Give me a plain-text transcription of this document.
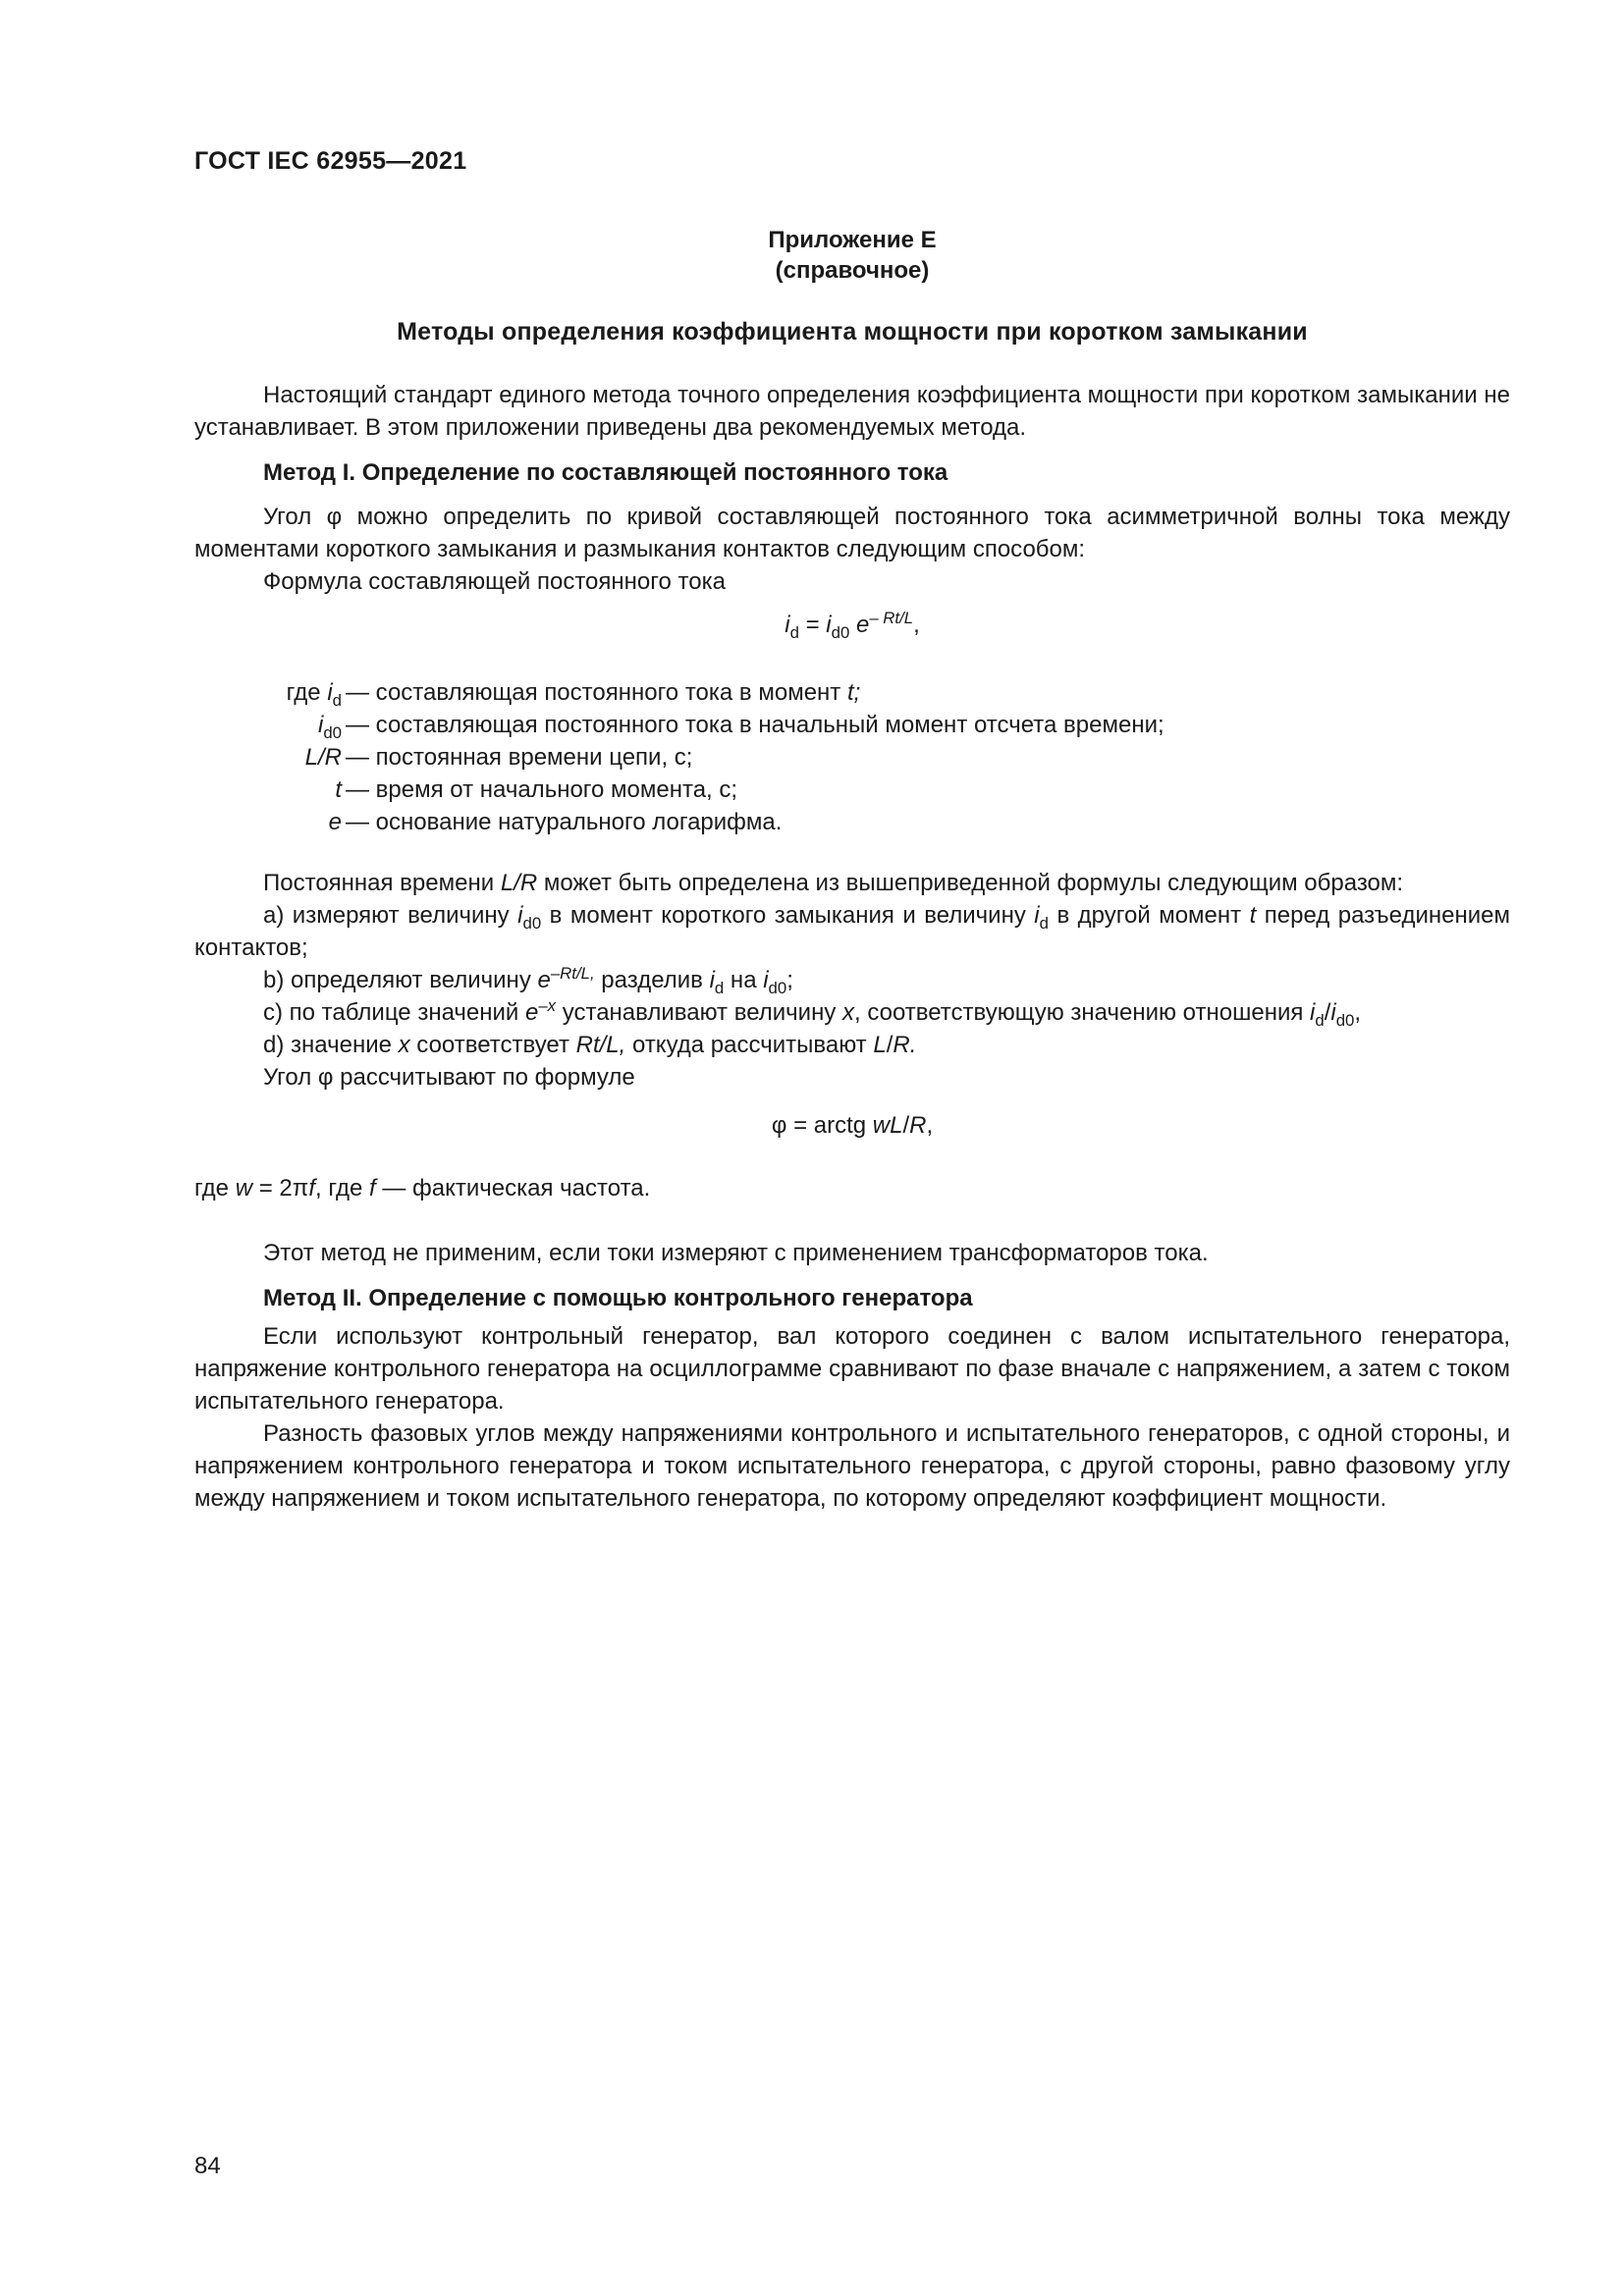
ГОСТ IEC 62955—2021
Приложение Е
(справочное)
Методы определения коэффициента мощности при коротком замыкании

Настоящий стандарт единого метода точного определения коэффициента мощности при коротком замыкании не устанавливает. В этом приложении приведены два рекомендуемых метода.

Метод I. Определение по составляющей постоянного тока

Угол φ можно определить по кривой составляющей постоянного тока асимметричной волны тока между моментами короткого замыкания и размыкания контактов следующим способом:

Формула составляющей постоянного тока

$i_d = i_{d0}$ $e^{- Rt/L}$,
где $i_d$ — составляющая постоянного тока в момент t;
$i_{d0}$ — составляющая постоянного тока в начальный момент отсчета времени;
L/R — постоянная времени цепи, с;
t — время от начального момента, с;
e — основание натурального логарифма.

Постоянная времени L/R может быть определена из вышеприведенной формулы следующим образом:

a) измеряют величину $i_{d0}$ в момент короткого замыкания и величину $i_d$ в другой момент t перед разъединением контактов;

b) определяют величину $e^{-Rt/L,}$ разделив $i_d$ на $i_{d0}$;

c) по таблице значений $e^{-x}$ устанавливают величину x, соответствующую значению отношения $i_d/i_{d0}$,

d) значение x соответствует Rt/L, откуда рассчитывают L/R.

Угол φ рассчитывают по формуле

φ = arctg wL/R,

где w = 2πf, где f — фактическая частота.

Этот метод не применим, если токи измеряют с применением трансформаторов тока.

Метод II. Определение с помощью контрольного генератора

Если используют контрольный генератор, вал которого соединен с валом испытательного генератора, напряжение контрольного генератора на осциллограмме сравнивают по фазе вначале с напряжением, а затем с током испытательного генератора.

Разность фазовых углов между напряжениями контрольного и испытательного генераторов, с одной стороны, и напряжением контрольного генератора и током испытательного генератора, с другой стороны, равно фазовому углу между напряжением и током испытательного генератора, по которому определяют коэффициент мощности.

84
